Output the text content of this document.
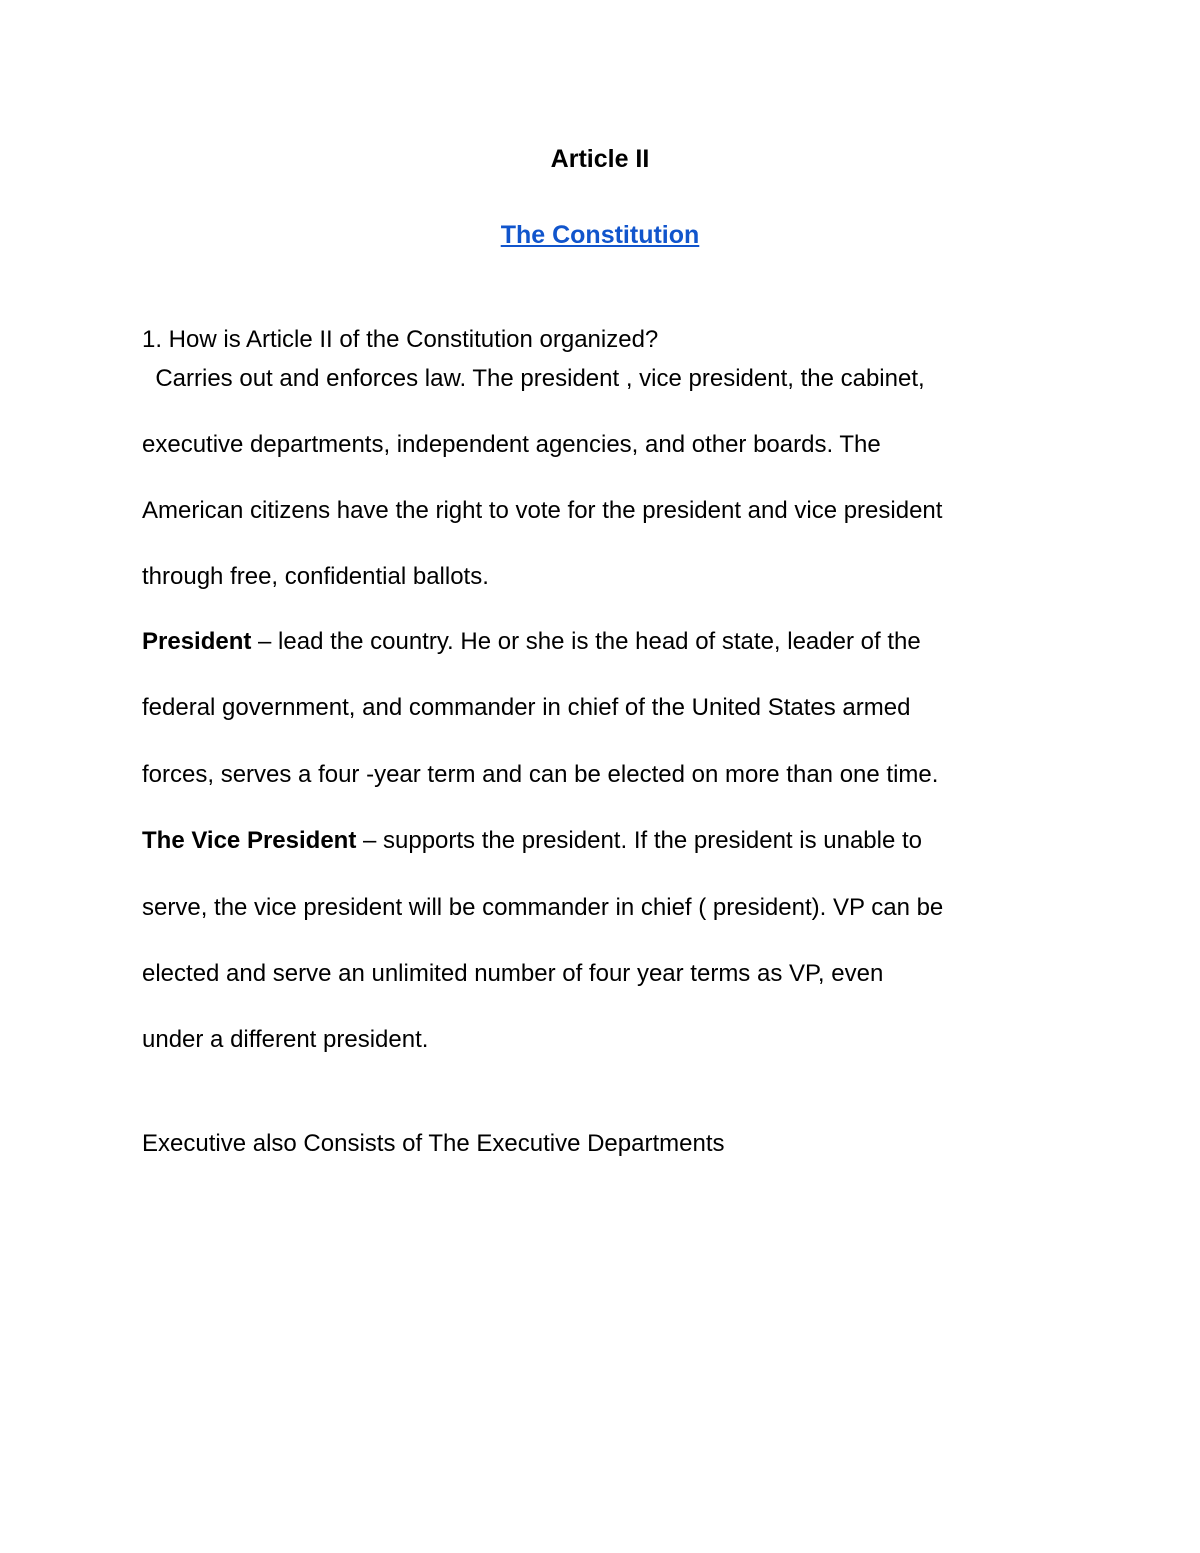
Article II
The Constitution

1. How is Article II of the Constitution organized?

Carries out and enforces law. The president , vice president, the cabinet,

executive departments, independent agencies, and other boards. The

American citizens have the right to vote for the president and vice president

through free, confidential ballots.

President – lead the country. He or she is the head of state, leader of the

federal government, and commander in chief of the United States armed

forces, serves a four -year term and can be elected on more than one time.

The Vice President – supports the president. If the president is unable to

serve, the vice president will be commander in chief ( president). VP can be

elected and serve an unlimited number of four year terms as VP, even

under a different president.

Executive also Consists of The Executive Departments
